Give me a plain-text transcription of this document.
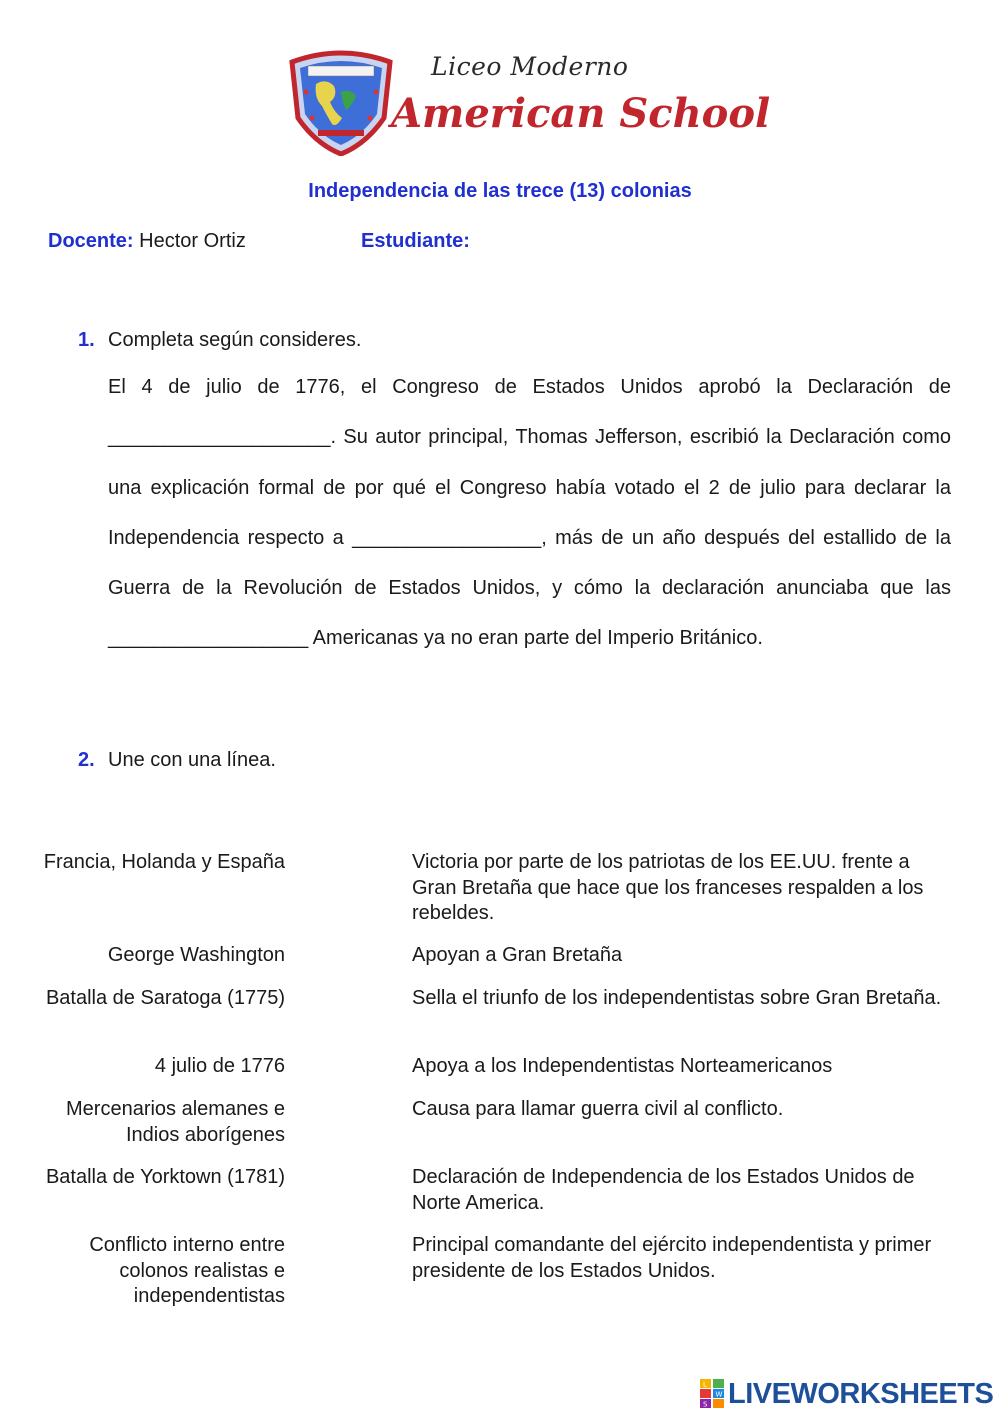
Liceo Moderno
American School
Independencia de las trece (13) colonias
Docente: Hector Ortiz	Estudiante:
1. Completa según consideres.
El 4 de julio de 1776, el Congreso de Estados Unidos aprobó la Declaración de ____________________. Su autor principal, Thomas Jefferson, escribió la Declaración como una explicación formal de por qué el Congreso había votado el 2 de julio para declarar la Independencia respecto a _________________, más de un año después del estallido de la Guerra de la Revolución de Estados Unidos, y cómo la declaración anunciaba que las __________________ Americanas ya no eran parte del Imperio Británico.
2. Une con una línea.
Francia, Holanda y España
George Washington
Batalla de Saratoga (1775)
4 julio de 1776
Mercenarios alemanes e Indios aborígenes
Batalla de Yorktown (1781)
Conflicto interno entre colonos realistas e independentistas
Victoria por parte de los patriotas de los EE.UU. frente a Gran Bretaña que hace que los franceses respalden a los rebeldes.
Apoyan a Gran Bretaña
Sella el triunfo de los independentistas sobre Gran Bretaña.
Apoya a los Independentistas Norteamericanos
Causa para llamar guerra civil al conflicto.
Declaración de Independencia de los Estados Unidos de Norte America.
Principal comandante del ejército independentista y primer presidente de los Estados Unidos.
L
W
S LIVEWORKSHEETS
